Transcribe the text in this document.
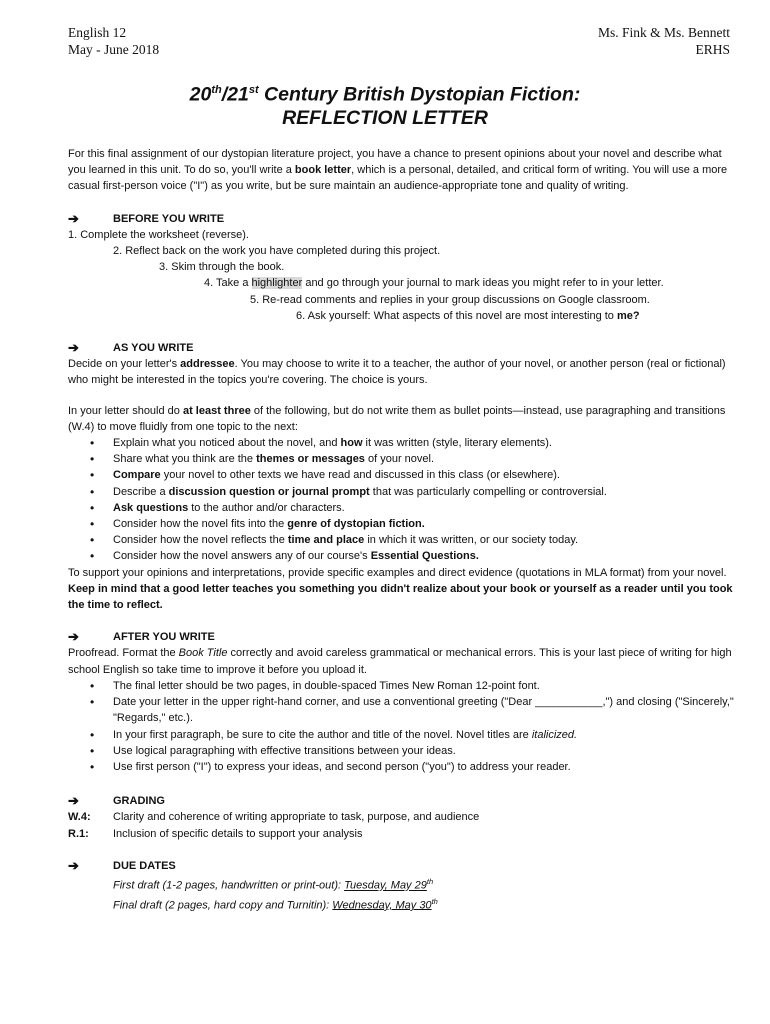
English 12
May - June 2018
Ms. Fink & Ms. Bennett
ERHS
20th/21st Century British Dystopian Fiction:
REFLECTION LETTER

For this final assignment of our dystopian literature project, you have a chance to present opinions about your novel and describe what you learned in this unit. To do so, you'll write a book letter, which is a personal, detailed, and critical form of writing. You will use a more casual first-person voice ("I") as you write, but be sure maintain an audience-appropriate tone and quality of writing.

➔	BEFORE YOU WRITE
1. Complete the worksheet (reverse).
2. Reflect back on the work you have completed during this project.
3. Skim through the book.
4. Take a highlighter and go through your journal to mark ideas you might refer to in your letter.
5. Re-read comments and replies in your group discussions on Google classroom.
6. Ask yourself: What aspects of this novel are most interesting to me?
➔	AS YOU WRITE

Decide on your letter's addressee. You may choose to write it to a teacher, the author of your novel, or another person (real or fictional) who might be interested in the topics you're covering. The choice is yours.

In your letter should do at least three of the following, but do not write them as bullet points—instead, use paragraphing and transitions (W.4) to move fluidly from one topic to the next:

• Explain what you noticed about the novel, and how it was written (style, literary elements).
• Share what you think are the themes or messages of your novel.
• Compare your novel to other texts we have read and discussed in this class (or elsewhere).
• Describe a discussion question or journal prompt that was particularly compelling or controversial.
• Ask questions to the author and/or characters.
• Consider how the novel fits into the genre of dystopian fiction.
• Consider how the novel reflects the time and place in which it was written, or our society today.
• Consider how the novel answers any of our course's Essential Questions.

To support your opinions and interpretations, provide specific examples and direct evidence (quotations in MLA format) from your novel. Keep in mind that a good letter teaches you something you didn't realize about your book or yourself as a reader until you took the time to reflect.

➔	AFTER YOU WRITE

Proofread. Format the Book Title correctly and avoid careless grammatical or mechanical errors. This is your last piece of writing for high school English so take time to improve it before you upload it.

• The final letter should be two pages, in double-spaced Times New Roman 12-point font.
• Date your letter in the upper right-hand corner, and use a conventional greeting ("Dear ___________,") and closing ("Sincerely," "Regards," etc.).
• In your first paragraph, be sure to cite the author and title of the novel. Novel titles are italicized.
• Use logical paragraphing with effective transitions between your ideas.
• Use first person ("I") to express your ideas, and second person ("you") to address your reader.
➔	GRADING
W.4:	Clarity and coherence of writing appropriate to task, purpose, and audience
R.1:	Inclusion of specific details to support your analysis
➔	DUE DATES
First draft (1-2 pages, handwritten or print-out): Tuesday, May 29th
Final draft (2 pages, hard copy and Turnitin): Wednesday, May 30th
